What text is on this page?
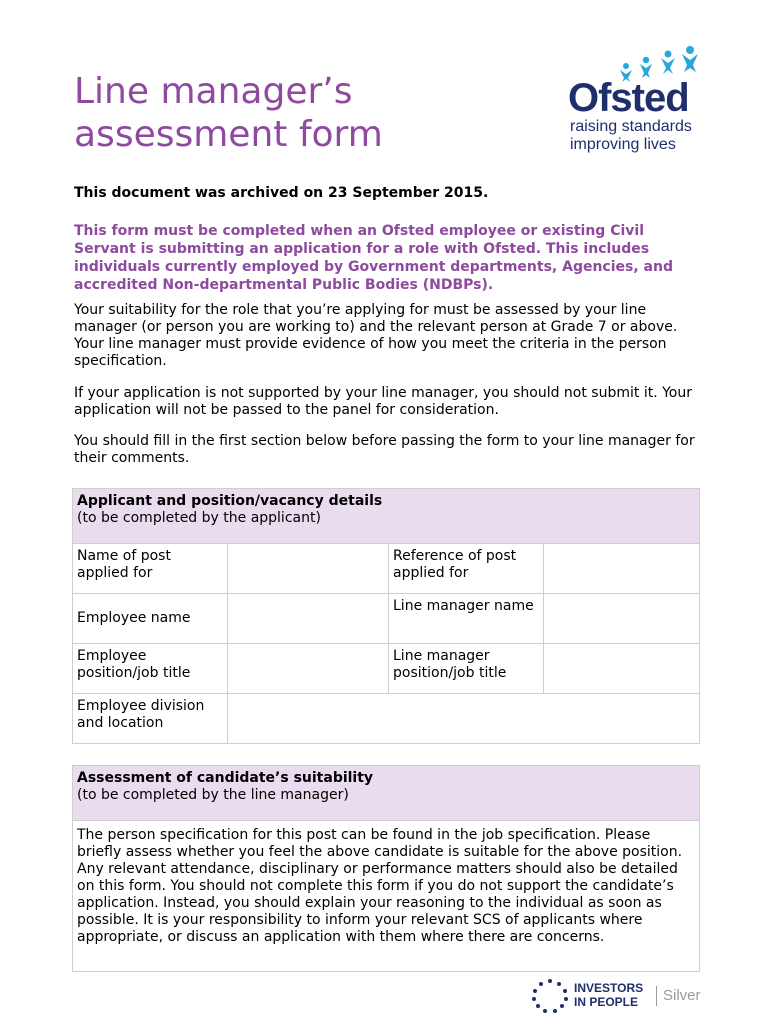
Line manager’s assessment form
Ofsted
raising standards
improving lives

This document was archived on 23 September 2015.

This form must be completed when an Ofsted employee or existing Civil Servant is submitting an application for a role with Ofsted. This includes individuals currently employed by Government departments, Agencies, and accredited Non-departmental Public Bodies (NDBPs).

Your suitability for the role that you’re applying for must be assessed by your line manager (or person you are working to) and the relevant person at Grade 7 or above. Your line manager must provide evidence of how you meet the criteria in the person specification.

If your application is not supported by your line manager, you should not submit it. Your application will not be passed to the panel for consideration.

You should fill in the first section below before passing the form to your line manager for their comments.

Applicant and position/vacancy details
(to be completed by the applicant)			

Name of post applied for		Reference of post applied for	
Employee name		Line manager name	
Employee position/job title		Line manager position/job title	
Employee division and location			
Assessment of candidate’s suitability
(to be completed by the line manager)

The person specification for this post can be found in the job specification. Please briefly assess whether you feel the above candidate is suitable for the above position. Any relevant attendance, disciplinary or performance matters should also be detailed on this form. You should not complete this form if you do not support the candidate’s application. Instead, you should explain your reasoning to the individual as soon as possible. It is your responsibility to inform your relevant SCS of applicants where appropriate, or discuss an application with them where there are concerns.
INVESTORS
IN PEOPLE	Silver
